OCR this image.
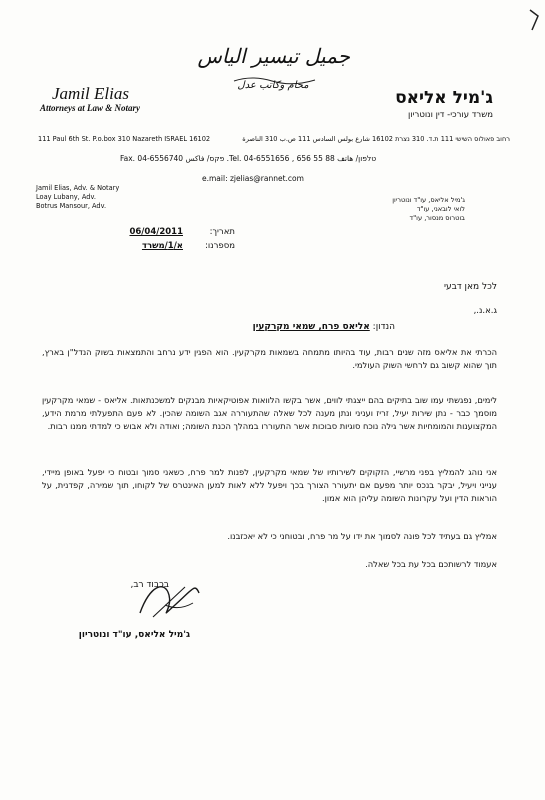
جميل تيسير الياس
محام وكاتب عدل
Jamil Elias
Attorneys at Law & Notary	ג'מיל אליאס
משרד עורכי- דין ונוטריון
111 Paul 6th St. P.o.box 310 Nazareth ISRAEL 16102	רחוב פאולוס השישי 111 ת.ד. 310 נצרת 16102 شارع بولس السادس 111 ص.ب 310 الناصرة
Fax. 04-6556740 פקס/ فاكس .Tel. 04-6551656 , 656 55 88 טלפון/ هاتف
e.mail: zjelias@rannet.com
Jamil Elias, Adv. & Notary
Loay Lubany, Adv.
Botrus Mansour, Adv.
ג'מיל אליאס, עו"ד ונוטריון
לואי לובאני, עו"ד
בוטרוס מנסור, עו"ד
תאריך:
06/04/2011
מספרנו:
א/1/משרד
לכל מאן דבעי
ג.א.נ.,
הנדון: אליאס פרח, שמאי מקרקעין
הכרתי את אליאס מזה שנים רבות, עוד בהיותו מתמחה בשמאות מקרקעין. הוא הפגין ידע נרחב והתמצאות בשוק הנדל"ן בארץ, תוך שהוא קשוב גם לרחשי השוק העולמי.
לימים, נפגשתי עמו שוב בתיקים בהם ייצגתי לווים, אשר בקשו הלוואות אפוטיקאיות מבנקים למשכנתאות. אליאס - שמאי מקרקעין מוסמך כבר - נתן שירות יעיל, זריז ועניני ונתן מענה לכל שאלה שהתעוררה אגב השומה שהכין. לא פעם התפעלתי מרמת הידע, המקצוענות והמומחיות אשר גילה נוכח סוגיות סבוכות אשר התעוררו במהלך הכנת השומה; ואודה ולא אבוש כי למדתי ממנו רבות.
אני נוהג להמליץ בפני מרשיי, הזקוקים לשירותיו של שמאי מקרקעין, לפנות למר פרח, כשאני סמוך ובטוח כי יפעל באופן מיידי, ענייני ויעיל, יבקר בנכס יותר מפעם אם יתעורר הצורך בכך ויפעל ללא לאות למען האינטרס של לקוחו, תוך שמירה, קפדנית, על הוראות הדין ועל עקרונות השומה עליהן הוא אמון.
אמליץ גם בעתיד לכל פונה לסמוך את ידו על מר פרח, ובטוחני כי לא יאכזבנו.
אעמוד לרשותכם בכל עת בכל שאלה.
בכבוד רב,
ג'מיל אליאס, עו"ד ונוטריון
